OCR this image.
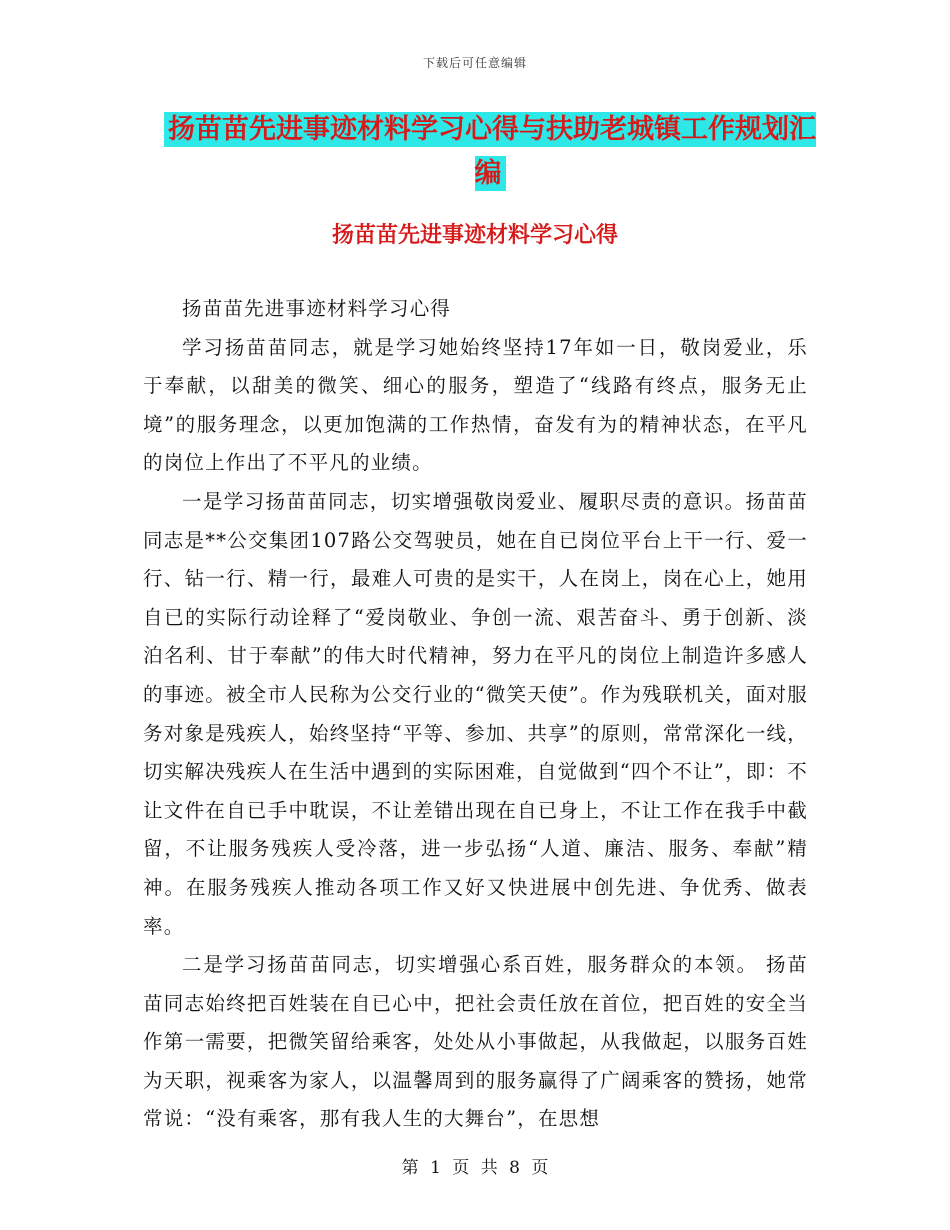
下载后可任意编辑
扬苗苗先进事迹材料学习心得与扶助老城镇工作规划汇编
扬苗苗先进事迹材料学习心得

扬苗苗先进事迹材料学习心得

学习扬苗苗同志，就是学习她始终坚持17年如一日，敬岗爱业，乐于奉献，以甜美的微笑、细心的服务，塑造了“线路有终点，服务无止境”的服务理念，以更加饱满的工作热情，奋发有为的精神状态，在平凡的岗位上作出了不平凡的业绩。

一是学习扬苗苗同志，切实增强敬岗爱业、履职尽责的意识。扬苗苗同志是**公交集团107路公交驾驶员，她在自已岗位平台上干一行、爱一行、钻一行、精一行，最难人可贵的是实干，人在岗上，岗在心上，她用自已的实际行动诠释了“爱岗敬业、争创一流、艰苦奋斗、勇于创新、淡泊名利、甘于奉献”的伟大时代精神，努力在平凡的岗位上制造许多感人的事迹。被全市人民称为公交行业的“微笑天使”。作为残联机关，面对服务对象是残疾人，始终坚持“平等、参加、共享”的原则，常常深化一线，切实解决残疾人在生活中遇到的实际困难，自觉做到“四个不让”，即：不让文件在自已手中耽误，不让差错出现在自已身上，不让工作在我手中截留，不让服务残疾人受冷落，进一步弘扬“人道、廉洁、服务、奉献”精神。在服务残疾人推动各项工作又好又快进展中创先进、争优秀、做表率。

二是学习扬苗苗同志，切实增强心系百姓，服务群众的本领。 扬苗苗同志始终把百姓装在自已心中，把社会责任放在首位，把百姓的安全当作第一需要，把微笑留给乘客，处处从小事做起，从我做起，以服务百姓为天职，视乘客为家人，以温馨周到的服务赢得了广阔乘客的赞扬，她常常说：“没有乘客，那有我人生的大舞台”，在思想

第 1 页 共 8 页
